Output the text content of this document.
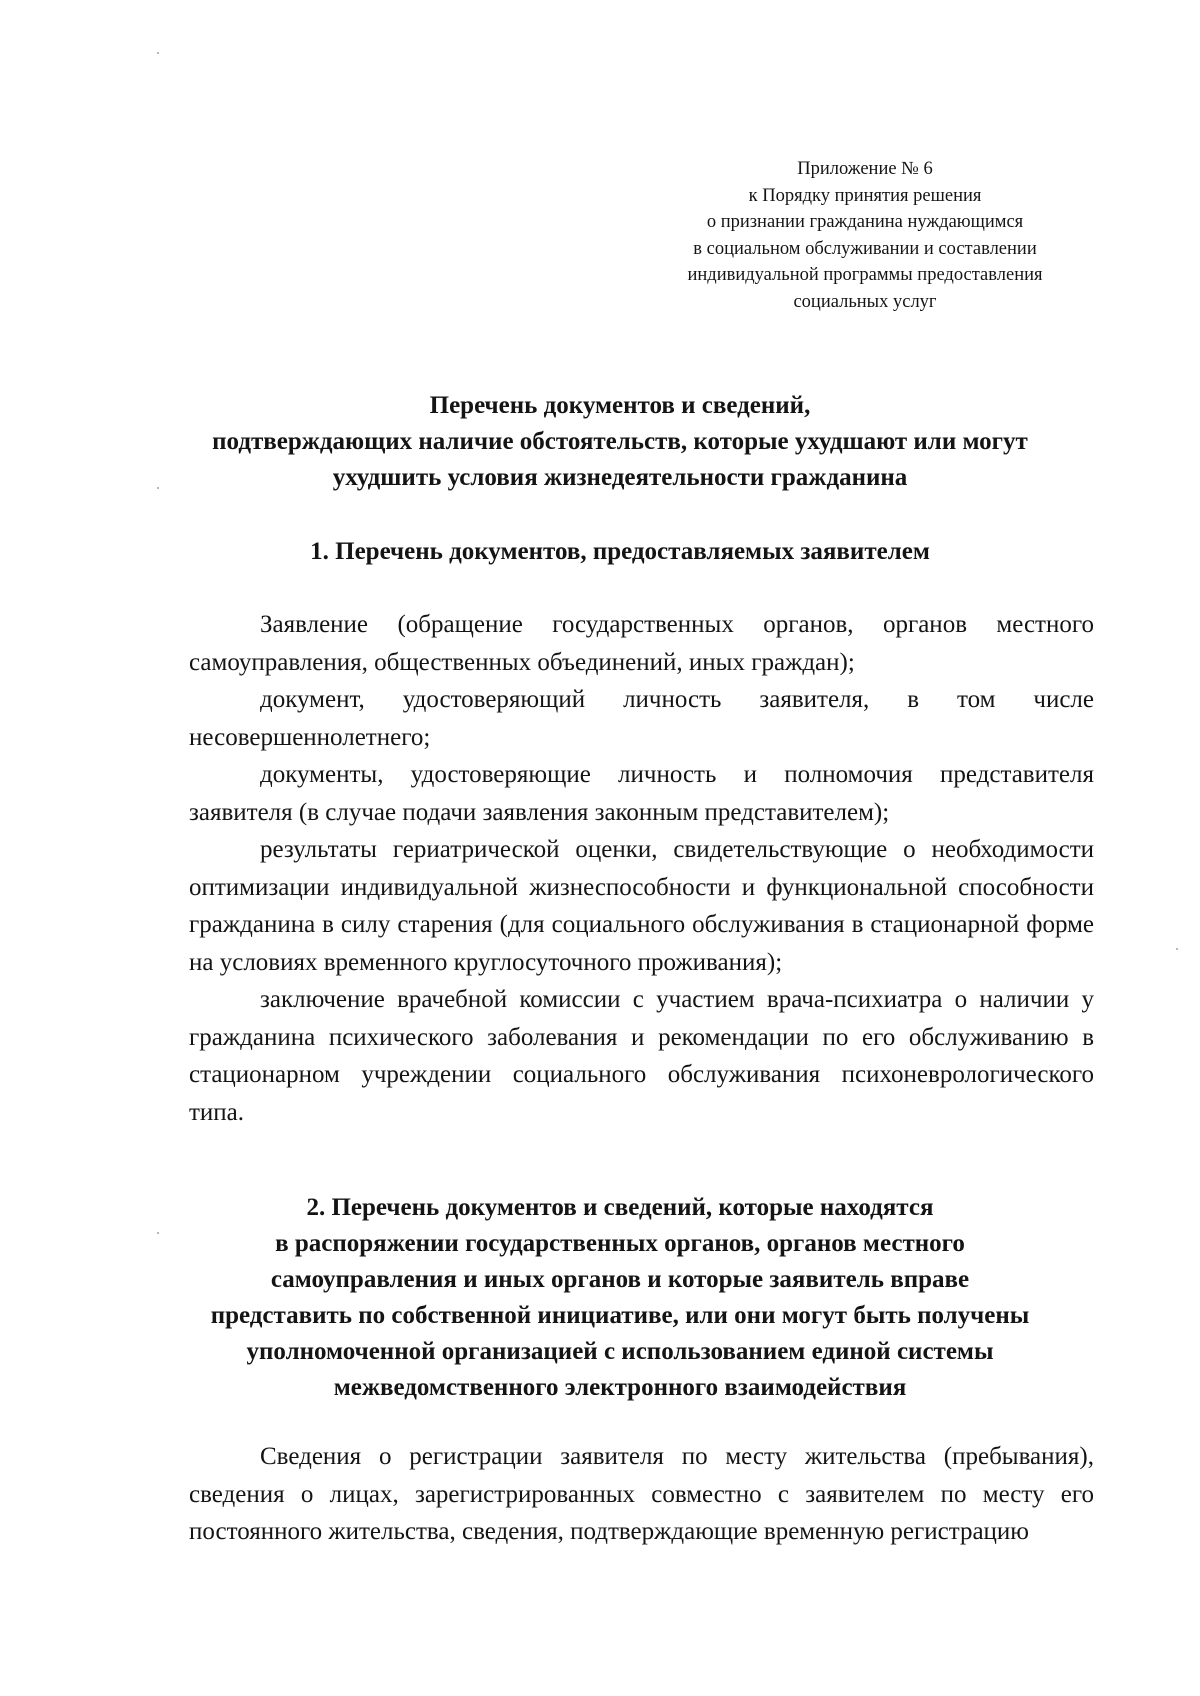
Приложение № 6
к Порядку принятия решения
о признании гражданина нуждающимся
в социальном обслуживании и составлении
индивидуальной программы предоставления
социальных услуг
Перечень документов и сведений,
подтверждающих наличие обстоятельств, которые ухудшают или могут
ухудшить условия жизнедеятельности гражданина
1. Перечень документов, предоставляемых заявителем

Заявление (обращение государственных органов, органов местного самоуправления, общественных объединений, иных граждан);

документ, удостоверяющий личность заявителя, в том числе несовершеннолетнего;

документы, удостоверяющие личность и полномочия представителя заявителя (в случае подачи заявления законным представителем);

результаты гериатрической оценки, свидетельствующие о необходимости оптимизации индивидуальной жизнеспособности и функциональной способности гражданина в силу старения (для социального обслуживания в стационарной форме на условиях временного круглосуточного проживания);

заключение врачебной комиссии с участием врача-психиатра о наличии у гражданина психического заболевания и рекомендации по его обслуживанию в стационарном учреждении социального обслуживания психоневрологического типа.

2. Перечень документов и сведений, которые находятся
в распоряжении государственных органов, органов местного
самоуправления и иных органов и которые заявитель вправе
представить по собственной инициативе, или они могут быть получены
уполномоченной организацией с использованием единой системы
межведомственного электронного взаимодействия

Сведения о регистрации заявителя по месту жительства (пребывания), сведения о лицах, зарегистрированных совместно с заявителем по месту его постоянного жительства, сведения, подтверждающие временную регистрацию
